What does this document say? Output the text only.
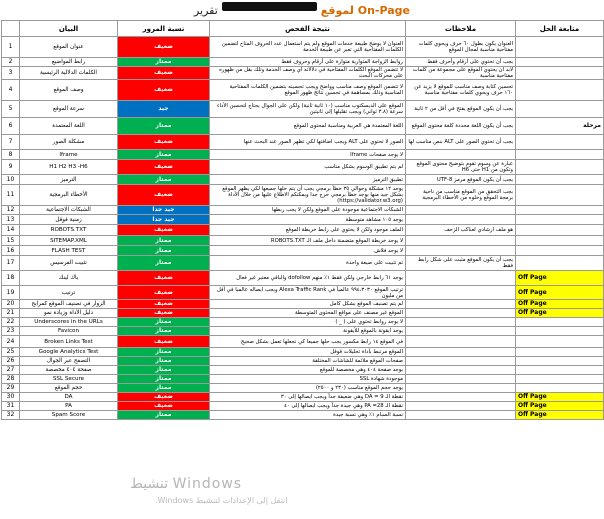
On-Page لموقع
تقرير
	البيان	نسبة المرور	نتيجة الفحص	ملاحظات	متابعة الحل
1	عنوان الموقع	ضعيف	العنوان لا يوضح طبيعة خدمات الموقع ولم يتم استعمال عدد الحروف المتاح لتضمين الكلمات المفتاحية التي تعبر عن طبيعة الخدمة	العنوان يكون بطول ٦٠ حرف ويحوي كلمات مفتاحية مناسبة لمجال الموقع	
2	رابط المواضيع	ممتاز	روابط الزواجة المتوارية متوارة على أرقام وحروف فقط	يجب أن تحتوي على أرقام وأحرف فقط	
3	الكلمات الدلالية الرئيسية	ضعيف	لا تتضمن الموقع الكلمات المفتاحية في دلالاته أي وصف الخدمة وتلك بقل من ظهوره على محركات البحث	لابد أن يحتوي الموقع على مجموعة من كلمات مفتاحية مناسبة	
4	وصف الموقع	ضعيف	لا تتضمن الموقع وصف مناسب وواضح ويجب تحسينه بتضمين الكلمات المفتاحية المناسبة وذلك بمساهمة في تحسين نتائج ظهور الموقع	تحسين كتابة وصف مناسب للموقع لا يزيد عن ١٦٠ حرف ويحوي كلمات مفتاحية مناسبة	
5	سرعة الموقع	جيد	الموقع على الديسكتوب مناسب (١٠ ثانية ثانية) ولكن على الجوال يحتاج لتحسين الأداء سرعة (٣.٨ ثواني) ويجب تقليلها إلى ثانيتين	يجب أن يكون الموقع يفتح في أقل من ٢ ثانية	
6	اللغة المعتمدة	ممتاز	اللغة المعتمدة هي العربية ومناسبة لمحتوى الموقع	يجب أن يكون اللغة محددة كلغة محتوى الموقع	مرحلة
7	مشكلة الصور	ضعيف	الصور لا تحتوي على ALT ويجب اضافتها لكي تظهر الصور عند البحث عنها	يجب أن تحتوي الصور على ALT بنص مناسب لها	
8	Iframe	ممتاز	لا يوجد صفحات Iframe		
9	H1 H2 H3 -H6	ضعيف	لم يتم تطبيق الوسوم بشكل مناسب	عبارة عن وسوم تقوم بتوضيح محتوى الموقع وتكون من H1 حتى H6	
10	الترميز	ممتاز	تطبيق الترميز	يجب أن يكون الموقع مرمز UTF-8	
11	الأخطاء البرمجية	ضعيف	يوجد ١٢ مشكلة وحوالي ٣٥ خطأ برمجي يجب أن يتم حلها جميعها لكي يظهر الموقع بشكل جيد منها يوجد خطأ برمجي حرج جدا ويمكنكم الاطلاع عليها من خلال الأداة (https://validator.w3.org)	يجب التحقق من الموقع مناسب من ناحية برمجة الموقع وخلوه من الأخطاء البرمجية	
12	الشبكات الاجتماعية	جيد جدا	الشبكات الاجتماعية موجودة على الموقع ولكن لا يجب ربطها		
13	زمنية قوقل	جيد جدا	يوجد ١٠٥ مشاهد متوسطة		
14	ROBOTS.TXT	ضعيف	الملف موجود ولكن لا يحتوي على رابط خريطة الموقع	هو ملف ارشادي لعناكب الزحف	
15	SITEMAP.XML	ممتاز	لا يوجد خريطة الموقع متضمنة داخل ملف الـ ROBOTS.TXT		
16	FLASH TEST	ممتاز	لا يوجد فلاش		
17	تثبيت الفرسيس	ممتاز	تم تثبيت على صيغة واحدة	يجب أن يكون الموقع مثبت على شكل رابط فقط	
18	باك لينك	ضعيف	يوجد ٦١ رابط خارجي ولكن فقط ١٪ منهم dofollow والباقي معتبر غير فعال		Off Page
19	ترتيب	ضعيف	ترتيب الموقع ٩٩٤،٣٠٣٠ عالمياً في Alexa Traffic Rank ويجب ايصاله عالميا في أقل من مليون		Off Page
20	الزوار في تصنيف الموقع كمرابح	ضعيف	لم يتم تصنيف الموقع بشكل كامل		Off Page
21	دليل الأداة وزيادة نمو	ضعيف	الموقع غير مصنف على مواقع المحتوى المتوسطة		Off Page
22	Underscores in the URLs	ممتاز	لا يوجد روابط تحتوي على ( _ )		
23	Favicon	ممتاز	يوجد ايقونة بالموقع للأيقونة		
24	Broken Links Test	ضعيف	في الموقع ١٤ رابط مكسور يجب حلها جميعا كي نجعلها تعمل بشكل صحيح		
25	Google Analytics Test	ممتاز	الموقع مرتبط بأداة تحليلات قوقل		
26	التصفح عبر الجوال	ممتاز	صفحات الموقع ملائمة للشاشات المختلفة		
27	صفحة ٤٠٤ مخصصة	ممتاز	يوجد صفحة ٤٠٤ وهي مخصصة للموقع		
28	SSL Secure	ممتاز	موجودة شهادة SSL		
29	حجم الموقع	ممتاز	يوجد حجم الموقع مناسب (٢٣٠ و ٢٥٠٠)		
30	DA	ضعيف	نقطة الـ DA = 9 وهي ضعيفة جداً ويجب ايصالها إلى ٣٠		Off Page
31	PA	ضعيف	نقطة الـ PA =28 وهي جيدة جداً ويجب ايصالها إلى ٤٠		Off Page
32	Spam Score	ممتاز	نسبة السبام ١٪ وهي نسبة جيدة		Off Page
تنشيط Windows
انتقل إلى الإعدادات لتنشيط Windows.
